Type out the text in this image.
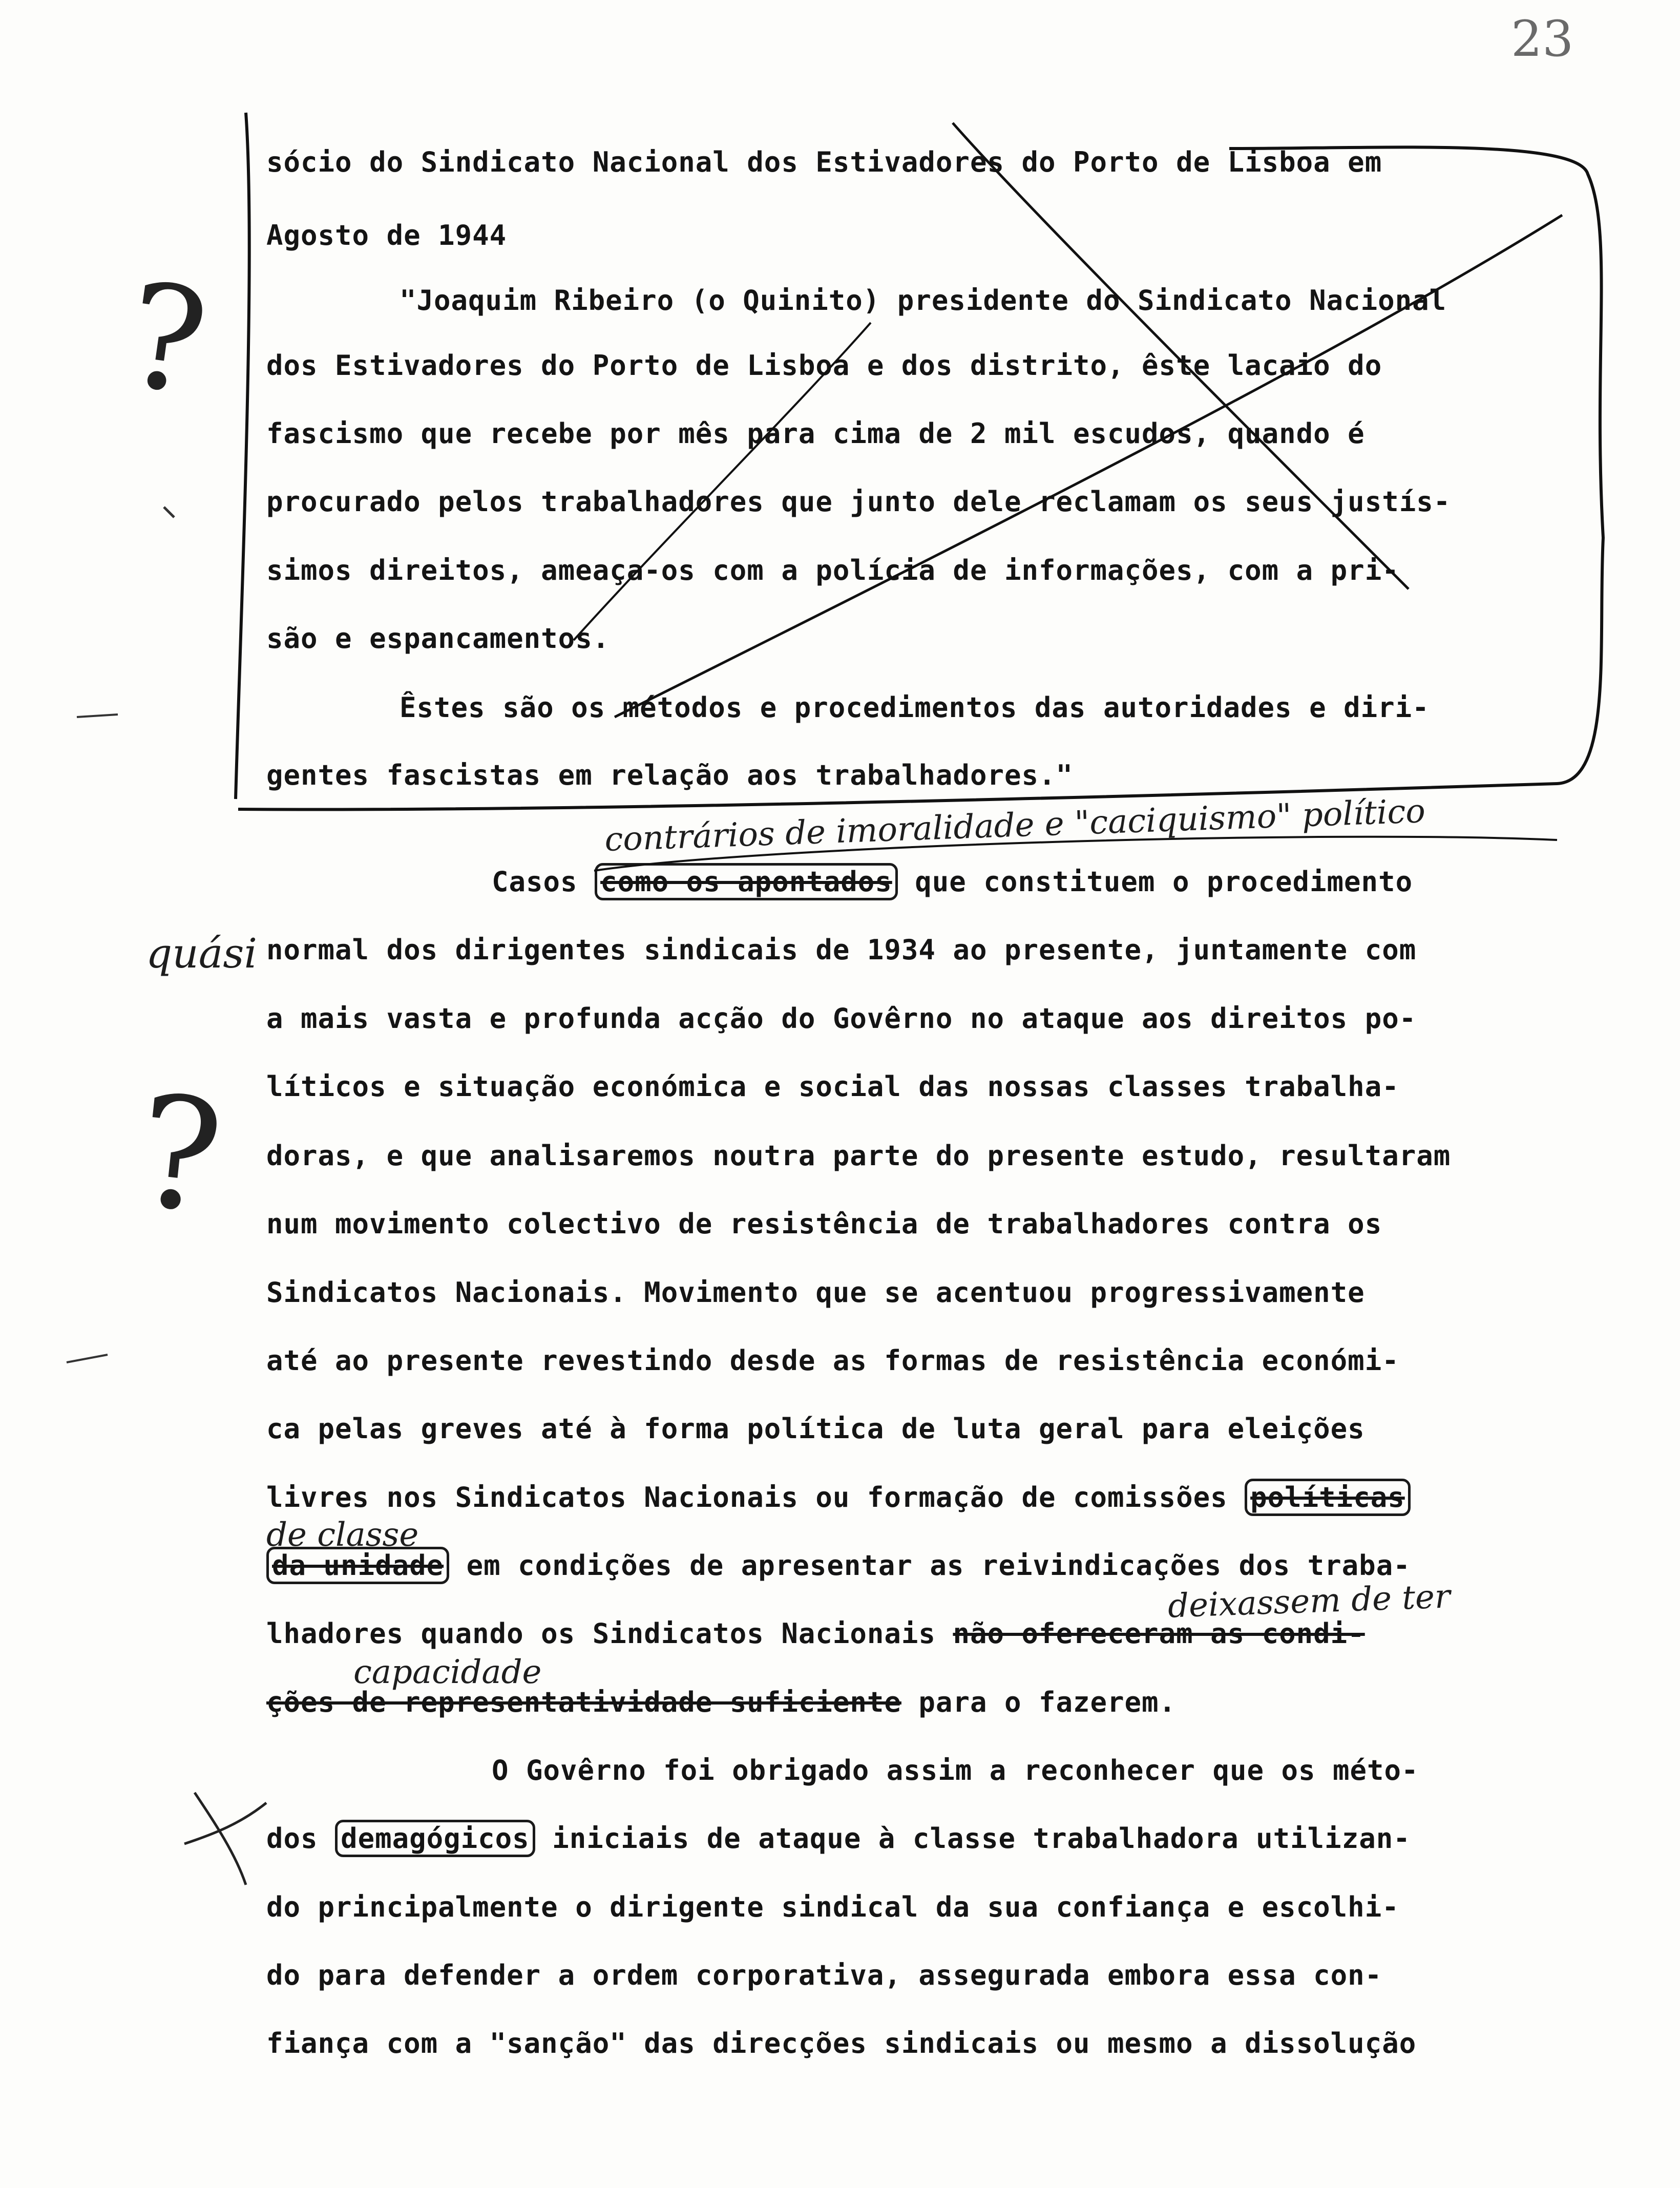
23
sócio do Sindicato Nacional dos Estivadores do Porto de Lisboa em
Agosto de 1944
"Joaquim Ribeiro (o Quinito) presidente do Sindicato Nacional
dos Estivadores do Porto de Lisboa e dos distrito, êste lacaio do
fascismo que recebe por mês para cima de 2 mil escudos, quando é
procurado pelos trabalhadores que junto dele reclamam os seus justís-
simos direitos, ameaça-os com a polícia de informações, com a pri-
são e espancamentos.
Êstes são os métodos e procedimentos das autoridades e diri-
gentes fascistas em relação aos trabalhadores."
contrários de imoralidade e "caciquismo" político
Casos como os apontados que constituem o procedimento
quási normal dos dirigentes sindicais de 1934 ao presente, juntamente com
a mais vasta e profunda acção do Govêrno no ataque aos direitos po-
líticos e situação económica e social das nossas classes trabalha-
doras, e que analisaremos noutra parte do presente estudo, resultaram
num movimento colectivo de resistência de trabalhadores contra os
Sindicatos Nacionais. Movimento que se acentuou progressivamente
até ao presente revestindo desde as formas de resistência económi-
ca pelas greves até à forma política de luta geral para eleições
livres nos Sindicatos Nacionais ou formação de comissões políticas
de classe
da unidade em condições de apresentar as reivindicações dos traba-
deixassem de ter
lhadores quando os Sindicatos Nacionais não ofereceram as condi-
capacidade
ções de representatividade suficiente para o fazerem.
O Govêrno foi obrigado assim a reconhecer que os méto-
dos demagógicos iniciais de ataque à classe trabalhadora utilizan-
do principalmente o dirigente sindical da sua confiança e escolhi-
do para defender a ordem corporativa, assegurada embora essa con-
fiança com a "sanção" das direcções sindicais ou mesmo a dissolução
?
?
